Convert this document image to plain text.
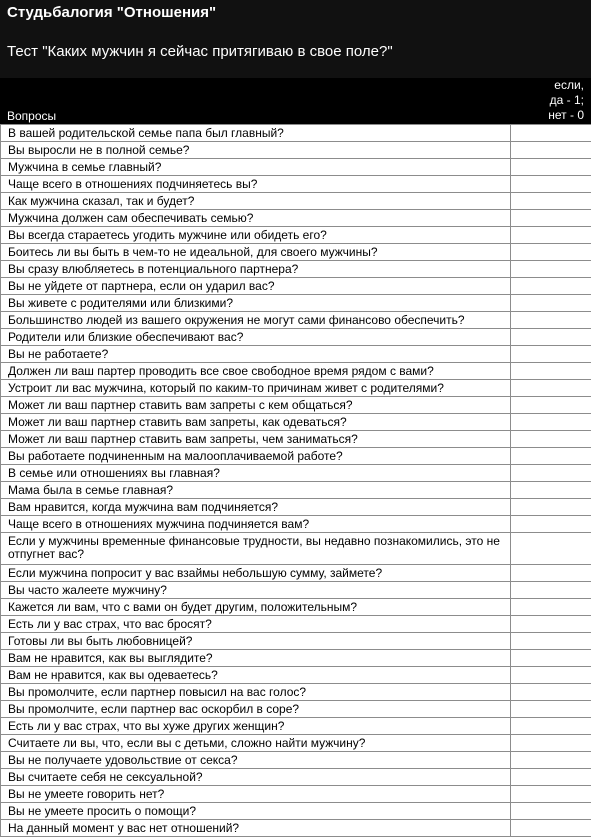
Студьбалогия "Отношения"
Тест "Каких мужчин я сейчас притягиваю в свое поле?"
Вопросы
если,
да - 1;
нет - 0
В вашей родительской семье папа был главный?	
Вы выросли не в полной семье?	
Мужчина в семье главный?	
Чаще всего в отношениях подчиняетесь вы?	
Как мужчина сказал, так и будет?	
Мужчина должен сам обеспечивать семью?	
Вы всегда стараетесь угодить мужчине или обидеть его?	
Боитесь ли вы быть в чем-то не идеальной, для своего мужчины?	
Вы сразу влюбляетесь в потенциального партнера?	
Вы не уйдете от партнера, если он ударил вас?	
Вы живете с родителями или близкими?	
Большинство людей из вашего окружения не могут сами финансово обеспечить?	
Родители или близкие обеспечивают вас?	
Вы не работаете?	
Должен ли ваш партер проводить все свое свободное время рядом с вами?	
Устроит ли вас мужчина, который по каким-то причинам живет с родителями?	
Может ли ваш партнер ставить вам запреты с кем общаться?	
Может ли ваш партнер ставить вам запреты, как одеваться?	
Может ли ваш партнер ставить вам запреты, чем заниматься?	
Вы работаете подчиненным на малооплачиваемой работе?	
В семье или отношениях вы главная?	
Мама была в семье главная?	
Вам нравится, когда мужчина вам подчиняется?	
Чаще всего в отношениях мужчина подчиняется вам?	
Если у мужчины временные финансовые трудности, вы недавно познакомились, это не отпугнет вас?	
Если мужчина попросит у вас взаймы небольшую сумму, займете?	
Вы часто жалеете мужчину?	
Кажется ли вам, что с вами он будет другим, положительным?	
Есть ли у вас страх, что вас бросят?	
Готовы ли вы быть любовницей?	
Вам не нравится, как вы выглядите?	
Вам не нравится, как вы одеваетесь?	
Вы промолчите, если партнер повысил на вас голос?	
Вы промолчите, если партнер вас оскорбил в соре?	
Есть ли у вас страх, что вы хуже других женщин?	
Считаете ли вы, что, если вы с детьми, сложно найти мужчину?	
Вы не получаете удовольствие от секса?	
Вы считаете себя не сексуальной?	
Вы не умеете говорить нет?	
Вы не умеете просить о помощи?	
На данный момент у вас нет отношений?	
